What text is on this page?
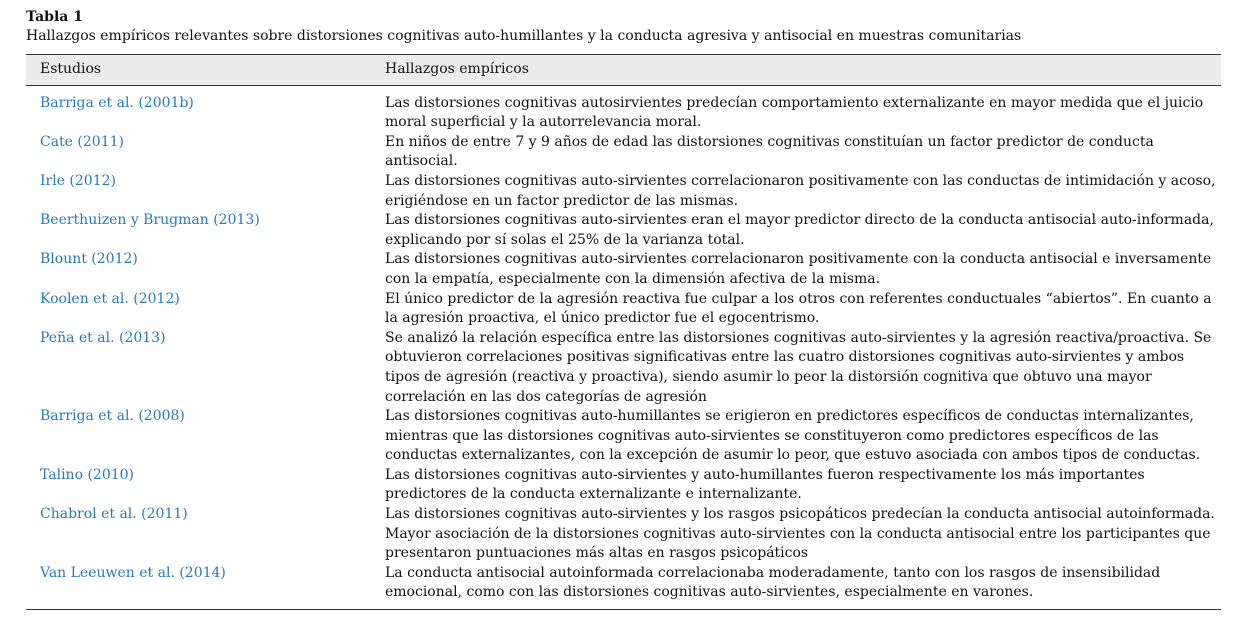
Tabla 1
Hallazgos empíricos relevantes sobre distorsiones cognitivas auto-humillantes y la conducta agresiva y antisocial en muestras comunitarias
Estudios	Hallazgos empíricos
Barriga et al. (2001b)	Las distorsiones cognitivas autosirvientes predecían comportamiento externalizante en mayor medida que el juicio moral superficial y la autorrelevancia moral.
Cate (2011)	En niños de entre 7 y 9 años de edad las distorsiones cognitivas constituían un factor predictor de conducta antisocial.
Irle (2012)	Las distorsiones cognitivas auto-sirvientes correlacionaron positivamente con las conductas de intimidación y acoso, erigiéndose en un factor predictor de las mismas.
Beerthuizen y Brugman (2013)	Las distorsiones cognitivas auto-sirvientes eran el mayor predictor directo de la conducta antisocial auto-informada, explicando por sí solas el 25% de la varianza total.
Blount (2012)	Las distorsiones cognitivas auto-sirvientes correlacionaron positivamente con la conducta antisocial e inversamente con la empatía, especialmente con la dimensión afectiva de la misma.
Koolen et al. (2012)	El único predictor de la agresión reactiva fue culpar a los otros con referentes conductuales “abiertos”. En cuanto a la agresión proactiva, el único predictor fue el egocentrismo.
Peña et al. (2013)	Se analizó la relación específica entre las distorsiones cognitivas auto-sirvientes y la agresión reactiva/proactiva. Se obtuvieron correlaciones positivas significativas entre las cuatro distorsiones cognitivas auto-sirvientes y ambos tipos de agresión (reactiva y proactiva), siendo asumir lo peor la distorsión cognitiva que obtuvo una mayor correlación en las dos categorías de agresión
Barriga et al. (2008)	Las distorsiones cognitivas auto-humillantes se erigieron en predictores específicos de conductas internalizantes, mientras que las distorsiones cognitivas auto-sirvientes se constituyeron como predictores específicos de las conductas externalizantes, con la excepción de asumir lo peor, que estuvo asociada con ambos tipos de conductas.
Talino (2010)	Las distorsiones cognitivas auto-sirvientes y auto-humillantes fueron respectivamente los más importantes predictores de la conducta externalizante e internalizante.
Chabrol et al. (2011)	Las distorsiones cognitivas auto-sirvientes y los rasgos psicopáticos predecían la conducta antisocial autoinformada. Mayor asociación de la distorsiones cognitivas auto-sirvientes con la conducta antisocial entre los participantes que presentaron puntuaciones más altas en rasgos psicopáticos
Van Leeuwen et al. (2014)	La conducta antisocial autoinformada correlacionaba moderadamente, tanto con los rasgos de insensibilidad emocional, como con las distorsiones cognitivas auto-sirvientes, especialmente en varones.
